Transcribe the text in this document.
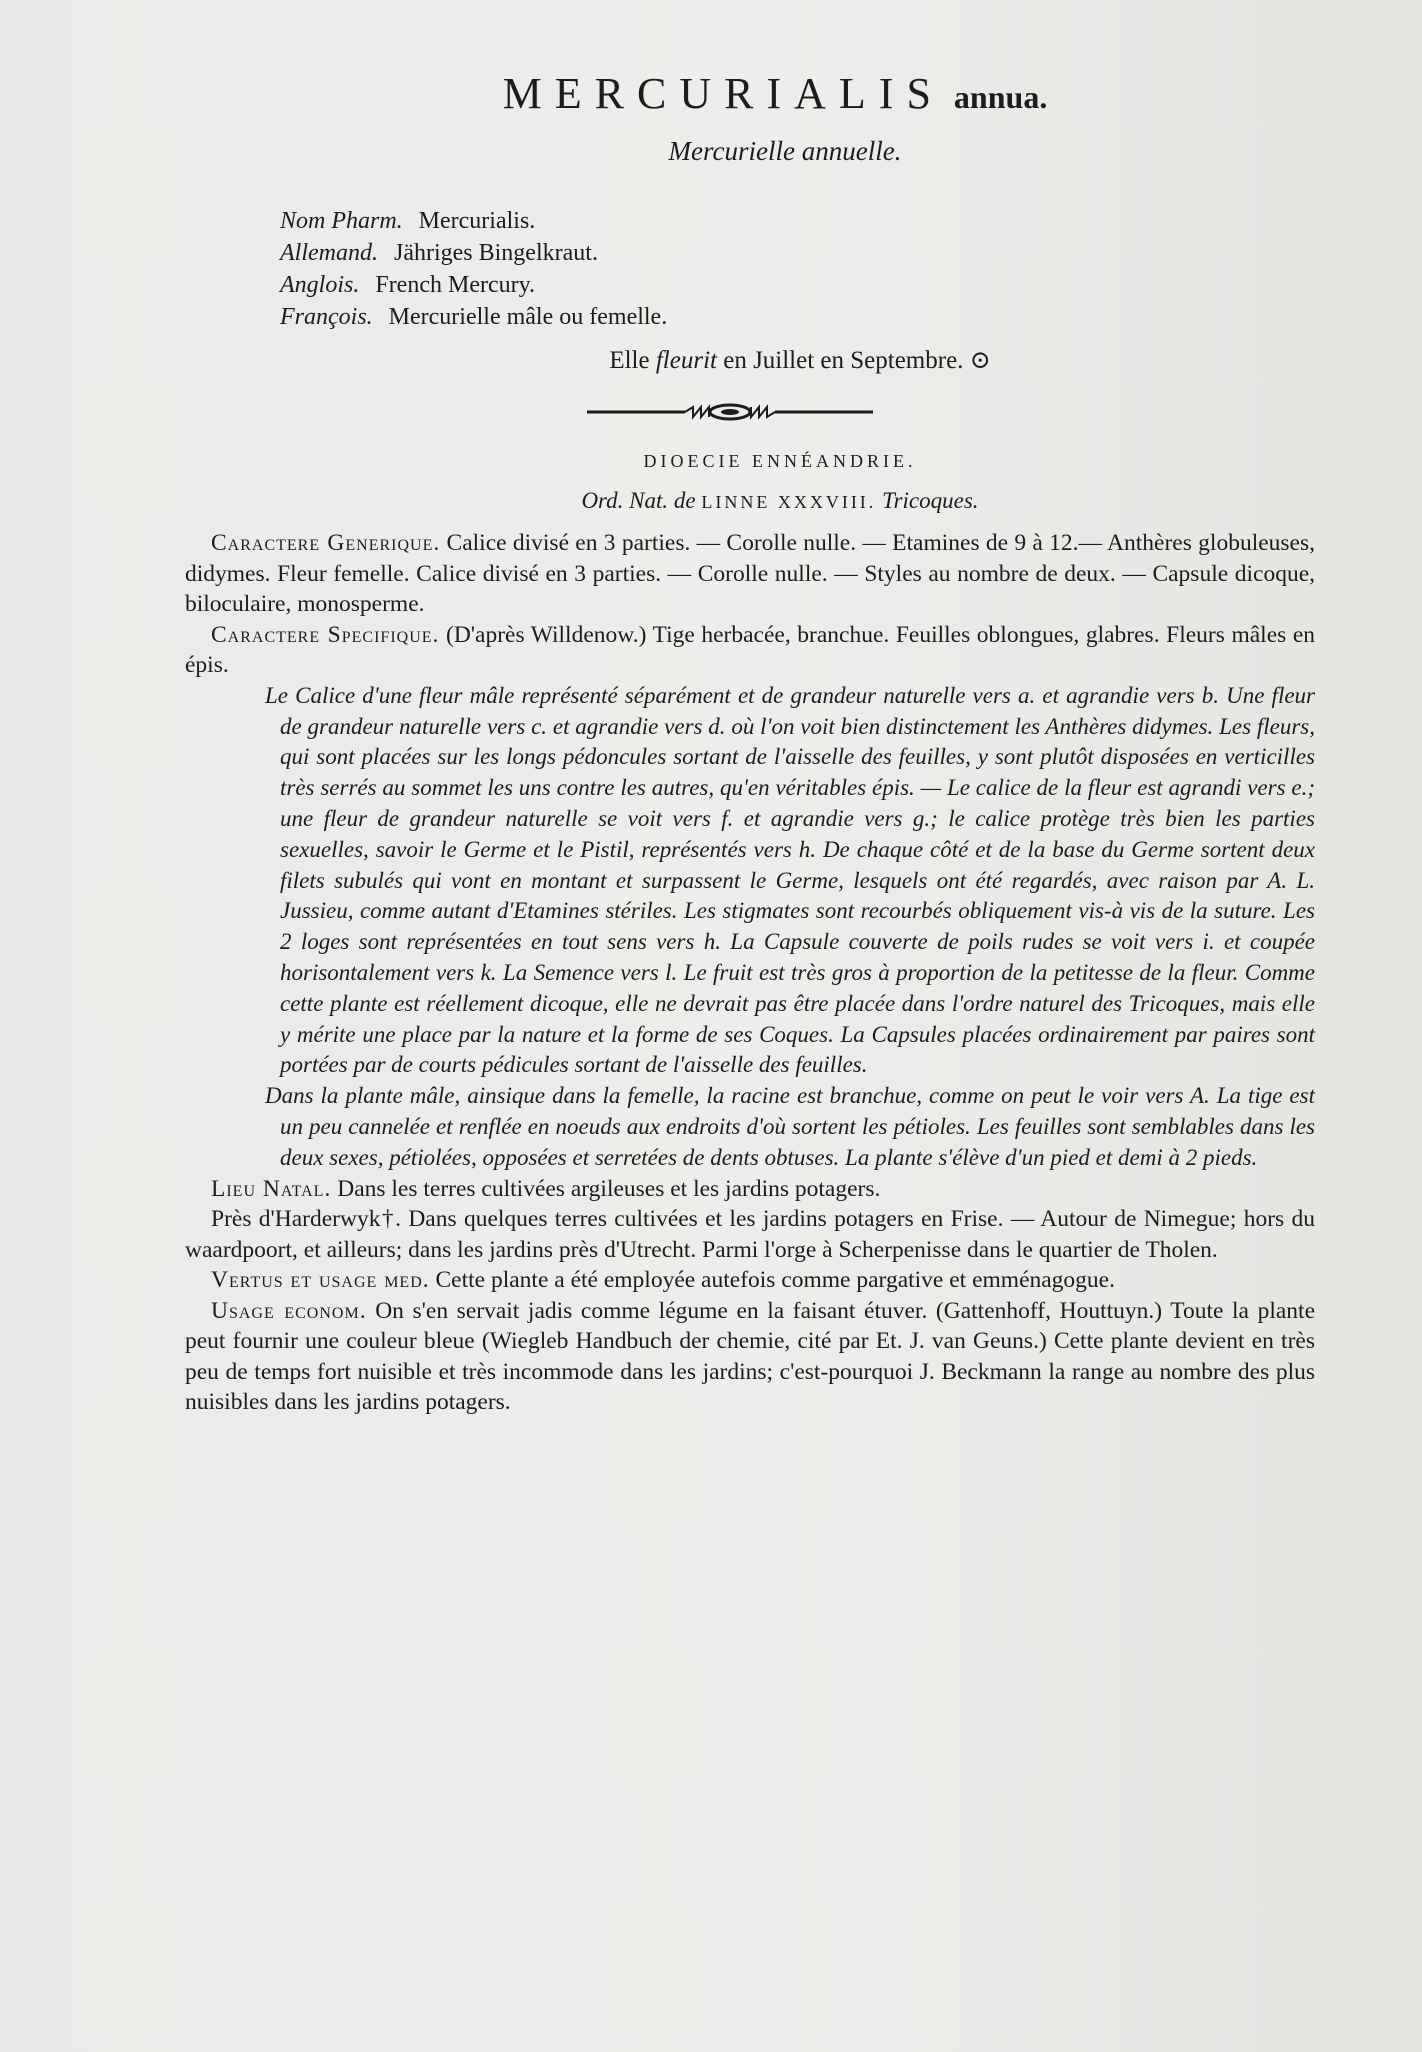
MERCURIALIS annua.

Mercurielle annuelle.

Nom Pharm. Mercurialis.
Allemand. Jähriges Bingelkraut.
Anglois. French Mercury.
François. Mercurielle mâle ou femelle.

Elle fleurit en Juillet en Septembre. ⊙

DIOECIE ENNÉANDRIE.

Ord. Nat. de LINNE XXXVIII. Tricoques.

Caractere Generique. Calice divisé en 3 parties. — Corolle nulle. — Etamines de 9 à 12.— Anthères globuleuses, didymes. Fleur femelle. Calice divisé en 3 parties. — Corolle nulle. — Styles au nombre de deux. — Capsule dicoque, biloculaire, monosperme.

Caractere Specifique. (D'après Willdenow.) Tige herbacée, branchue. Feuilles oblongues, glabres. Fleurs mâles en épis.

Le Calice d'une fleur mâle représenté séparément et de grandeur naturelle vers a. et agrandie vers b. Une fleur de grandeur naturelle vers c. et agrandie vers d. où l'on voit bien distinctement les Anthères didymes. Les fleurs, qui sont placées sur les longs pédoncules sortant de l'aisselle des feuilles, y sont plutôt disposées en verticilles très serrés au sommet les uns contre les autres, qu'en véritables épis. — Le calice de la fleur est agrandi vers e.; une fleur de grandeur naturelle se voit vers f. et agrandie vers g.; le calice protège très bien les parties sexuelles, savoir le Germe et le Pistil, représentés vers h. De chaque côté et de la base du Germe sortent deux filets subulés qui vont en montant et surpassent le Germe, lesquels ont été regardés, avec raison par A. L. Jussieu, comme autant d'Etamines stériles. Les stigmates sont recourbés obliquement vis-à vis de la suture. Les 2 loges sont représentées en tout sens vers h. La Capsule couverte de poils rudes se voit vers i. et coupée horisontalement vers k. La Semence vers l. Le fruit est très gros à proportion de la petitesse de la fleur. Comme cette plante est réellement dicoque, elle ne devrait pas être placée dans l'ordre naturel des Tricoques, mais elle y mérite une place par la nature et la forme de ses Coques. La Capsules placées ordinairement par paires sont portées par de courts pédicules sortant de l'aisselle des feuilles.

Dans la plante mâle, ainsique dans la femelle, la racine est branchue, comme on peut le voir vers A. La tige est un peu cannelée et renflée en noeuds aux endroits d'où sortent les pétioles. Les feuilles sont semblables dans les deux sexes, pétiolées, opposées et serretées de dents obtuses. La plante s'élève d'un pied et demi à 2 pieds.

Lieu Natal. Dans les terres cultivées argileuses et les jardins potagers.

Près d'Harderwyk†. Dans quelques terres cultivées et les jardins potagers en Frise. — Autour de Nimegue; hors du waardpoort, et ailleurs; dans les jardins près d'Utrecht. Parmi l'orge à Scherpenisse dans le quartier de Tholen.

Vertus et usage med. Cette plante a été employée autefois comme pargative et emménagogue.

Usage econom. On s'en servait jadis comme légume en la faisant étuver. (Gattenhoff, Houttuyn.) Toute la plante peut fournir une couleur bleue (Wiegleb Handbuch der chemie, cité par Et. J. van Geuns.) Cette plante devient en très peu de temps fort nuisible et très incommode dans les jardins; c'est-pourquoi J. Beckmann la range au nombre des plus nuisibles dans les jardins potagers.
